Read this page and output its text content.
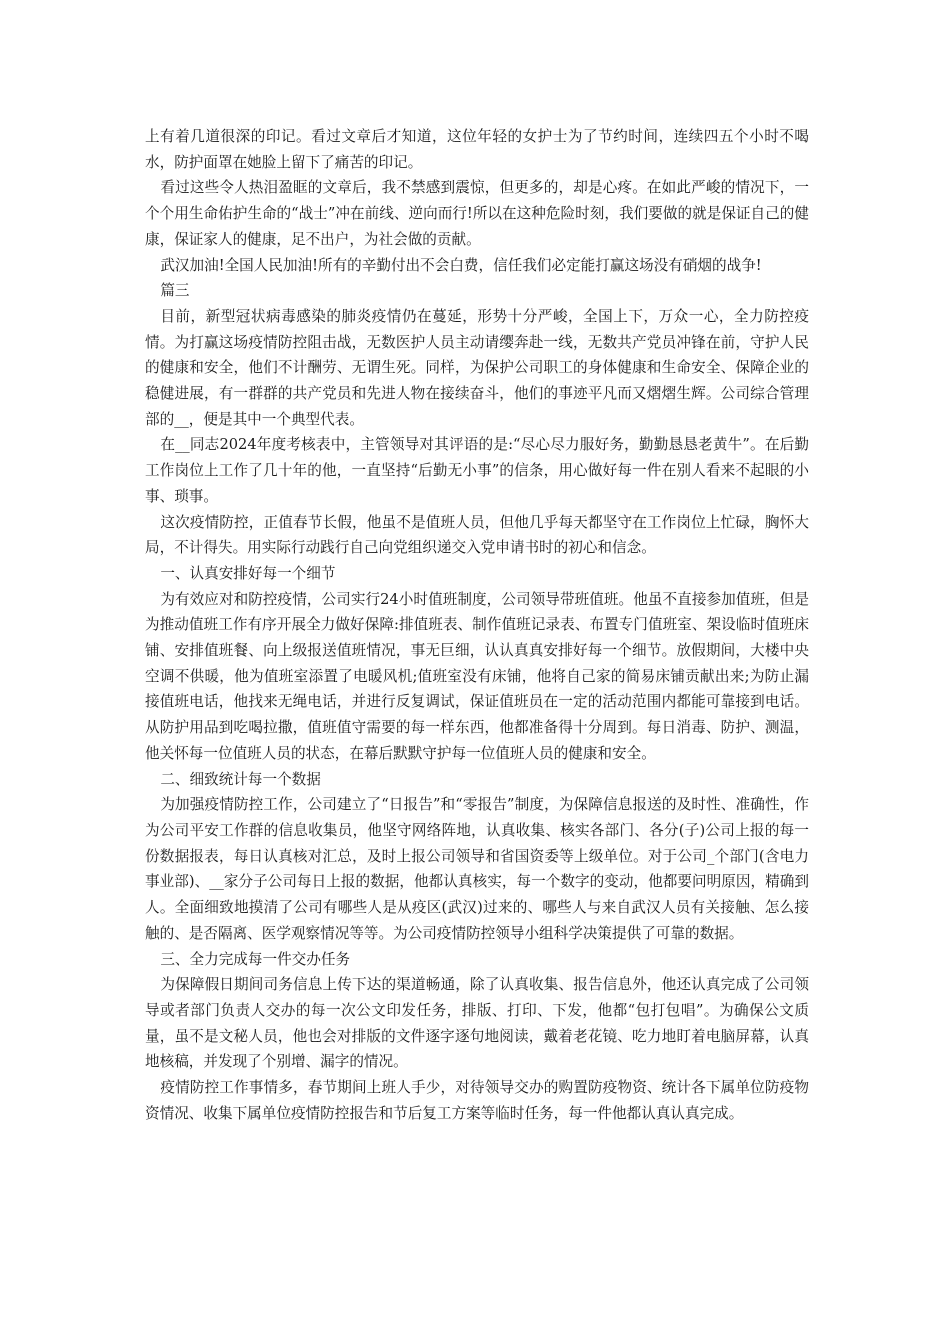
上有着几道很深的印记。看过文章后才知道，这位年轻的女护士为了节约时间，连续四五个小时不喝水，防护面罩在她脸上留下了痛苦的印记。

看过这些令人热泪盈眶的文章后，我不禁感到震惊，但更多的，却是心疼。在如此严峻的情况下，一个个用生命佑护生命的“战士”冲在前线、逆向而行!所以在这种危险时刻，我们要做的就是保证自己的健康，保证家人的健康，足不出户，为社会做的贡献。

武汉加油!全国人民加油!所有的辛勤付出不会白费，信任我们必定能打赢这场没有硝烟的战争!

篇三

目前，新型冠状病毒感染的肺炎疫情仍在蔓延，形势十分严峻，全国上下，万众一心，全力防控疫情。为打赢这场疫情防控阻击战，无数医护人员主动请缨奔赴一线，无数共产党员冲锋在前，守护人民的健康和安全，他们不计酬劳、无谓生死。同样，为保护公司职工的身体健康和生命安全、保障企业的稳健进展，有一群群的共产党员和先进人物在接续奋斗，他们的事迹平凡而又熠熠生辉。公司综合管理部的__，便是其中一个典型代表。

在__同志2024年度考核表中，主管领导对其评语的是:“尽心尽力服好务，勤勤恳恳老黄牛”。在后勤工作岗位上工作了几十年的他，一直坚持“后勤无小事”的信条，用心做好每一件在别人看来不起眼的小事、琐事。

这次疫情防控，正值春节长假，他虽不是值班人员，但他几乎每天都坚守在工作岗位上忙碌，胸怀大局，不计得失。用实际行动践行自己向党组织递交入党申请书时的初心和信念。

一、认真安排好每一个细节

为有效应对和防控疫情，公司实行24小时值班制度，公司领导带班值班。他虽不直接参加值班，但是为推动值班工作有序开展全力做好保障:排值班表、制作值班记录表、布置专门值班室、架设临时值班床铺、安排值班餐、向上级报送值班情况，事无巨细，认认真真安排好每一个细节。放假期间，大楼中央空调不供暖，他为值班室添置了电暖风机;值班室没有床铺，他将自己家的简易床铺贡献出来;为防止漏接值班电话，他找来无绳电话，并进行反复调试，保证值班员在一定的活动范围内都能可靠接到电话。从防护用品到吃喝拉撒，值班值守需要的每一样东西，他都准备得十分周到。每日消毒、防护、测温，他关怀每一位值班人员的状态，在幕后默默守护每一位值班人员的健康和安全。

二、细致统计每一个数据

为加强疫情防控工作，公司建立了“日报告”和“零报告”制度，为保障信息报送的及时性、准确性，作为公司平安工作群的信息收集员，他坚守网络阵地，认真收集、核实各部门、各分(子)公司上报的每一份数据报表，每日认真核对汇总，及时上报公司领导和省国资委等上级单位。对于公司_个部门(含电力事业部)、__家分子公司每日上报的数据，他都认真核实，每一个数字的变动，他都要问明原因，精确到人。全面细致地摸清了公司有哪些人是从疫区(武汉)过来的、哪些人与来自武汉人员有关接触、怎么接触的、是否隔离、医学观察情况等等。为公司疫情防控领导小组科学决策提供了可靠的数据。

三、全力完成每一件交办任务

为保障假日期间司务信息上传下达的渠道畅通，除了认真收集、报告信息外，他还认真完成了公司领导或者部门负责人交办的每一次公文印发任务，排版、打印、下发，他都“包打包唱”。为确保公文质量，虽不是文秘人员，他也会对排版的文件逐字逐句地阅读，戴着老花镜、吃力地盯着电脑屏幕，认真地核稿，并发现了个别增、漏字的情况。

疫情防控工作事情多，春节期间上班人手少，对待领导交办的购置防疫物资、统计各下属单位防疫物资情况、收集下属单位疫情防控报告和节后复工方案等临时任务，每一件他都认真认真完成。
